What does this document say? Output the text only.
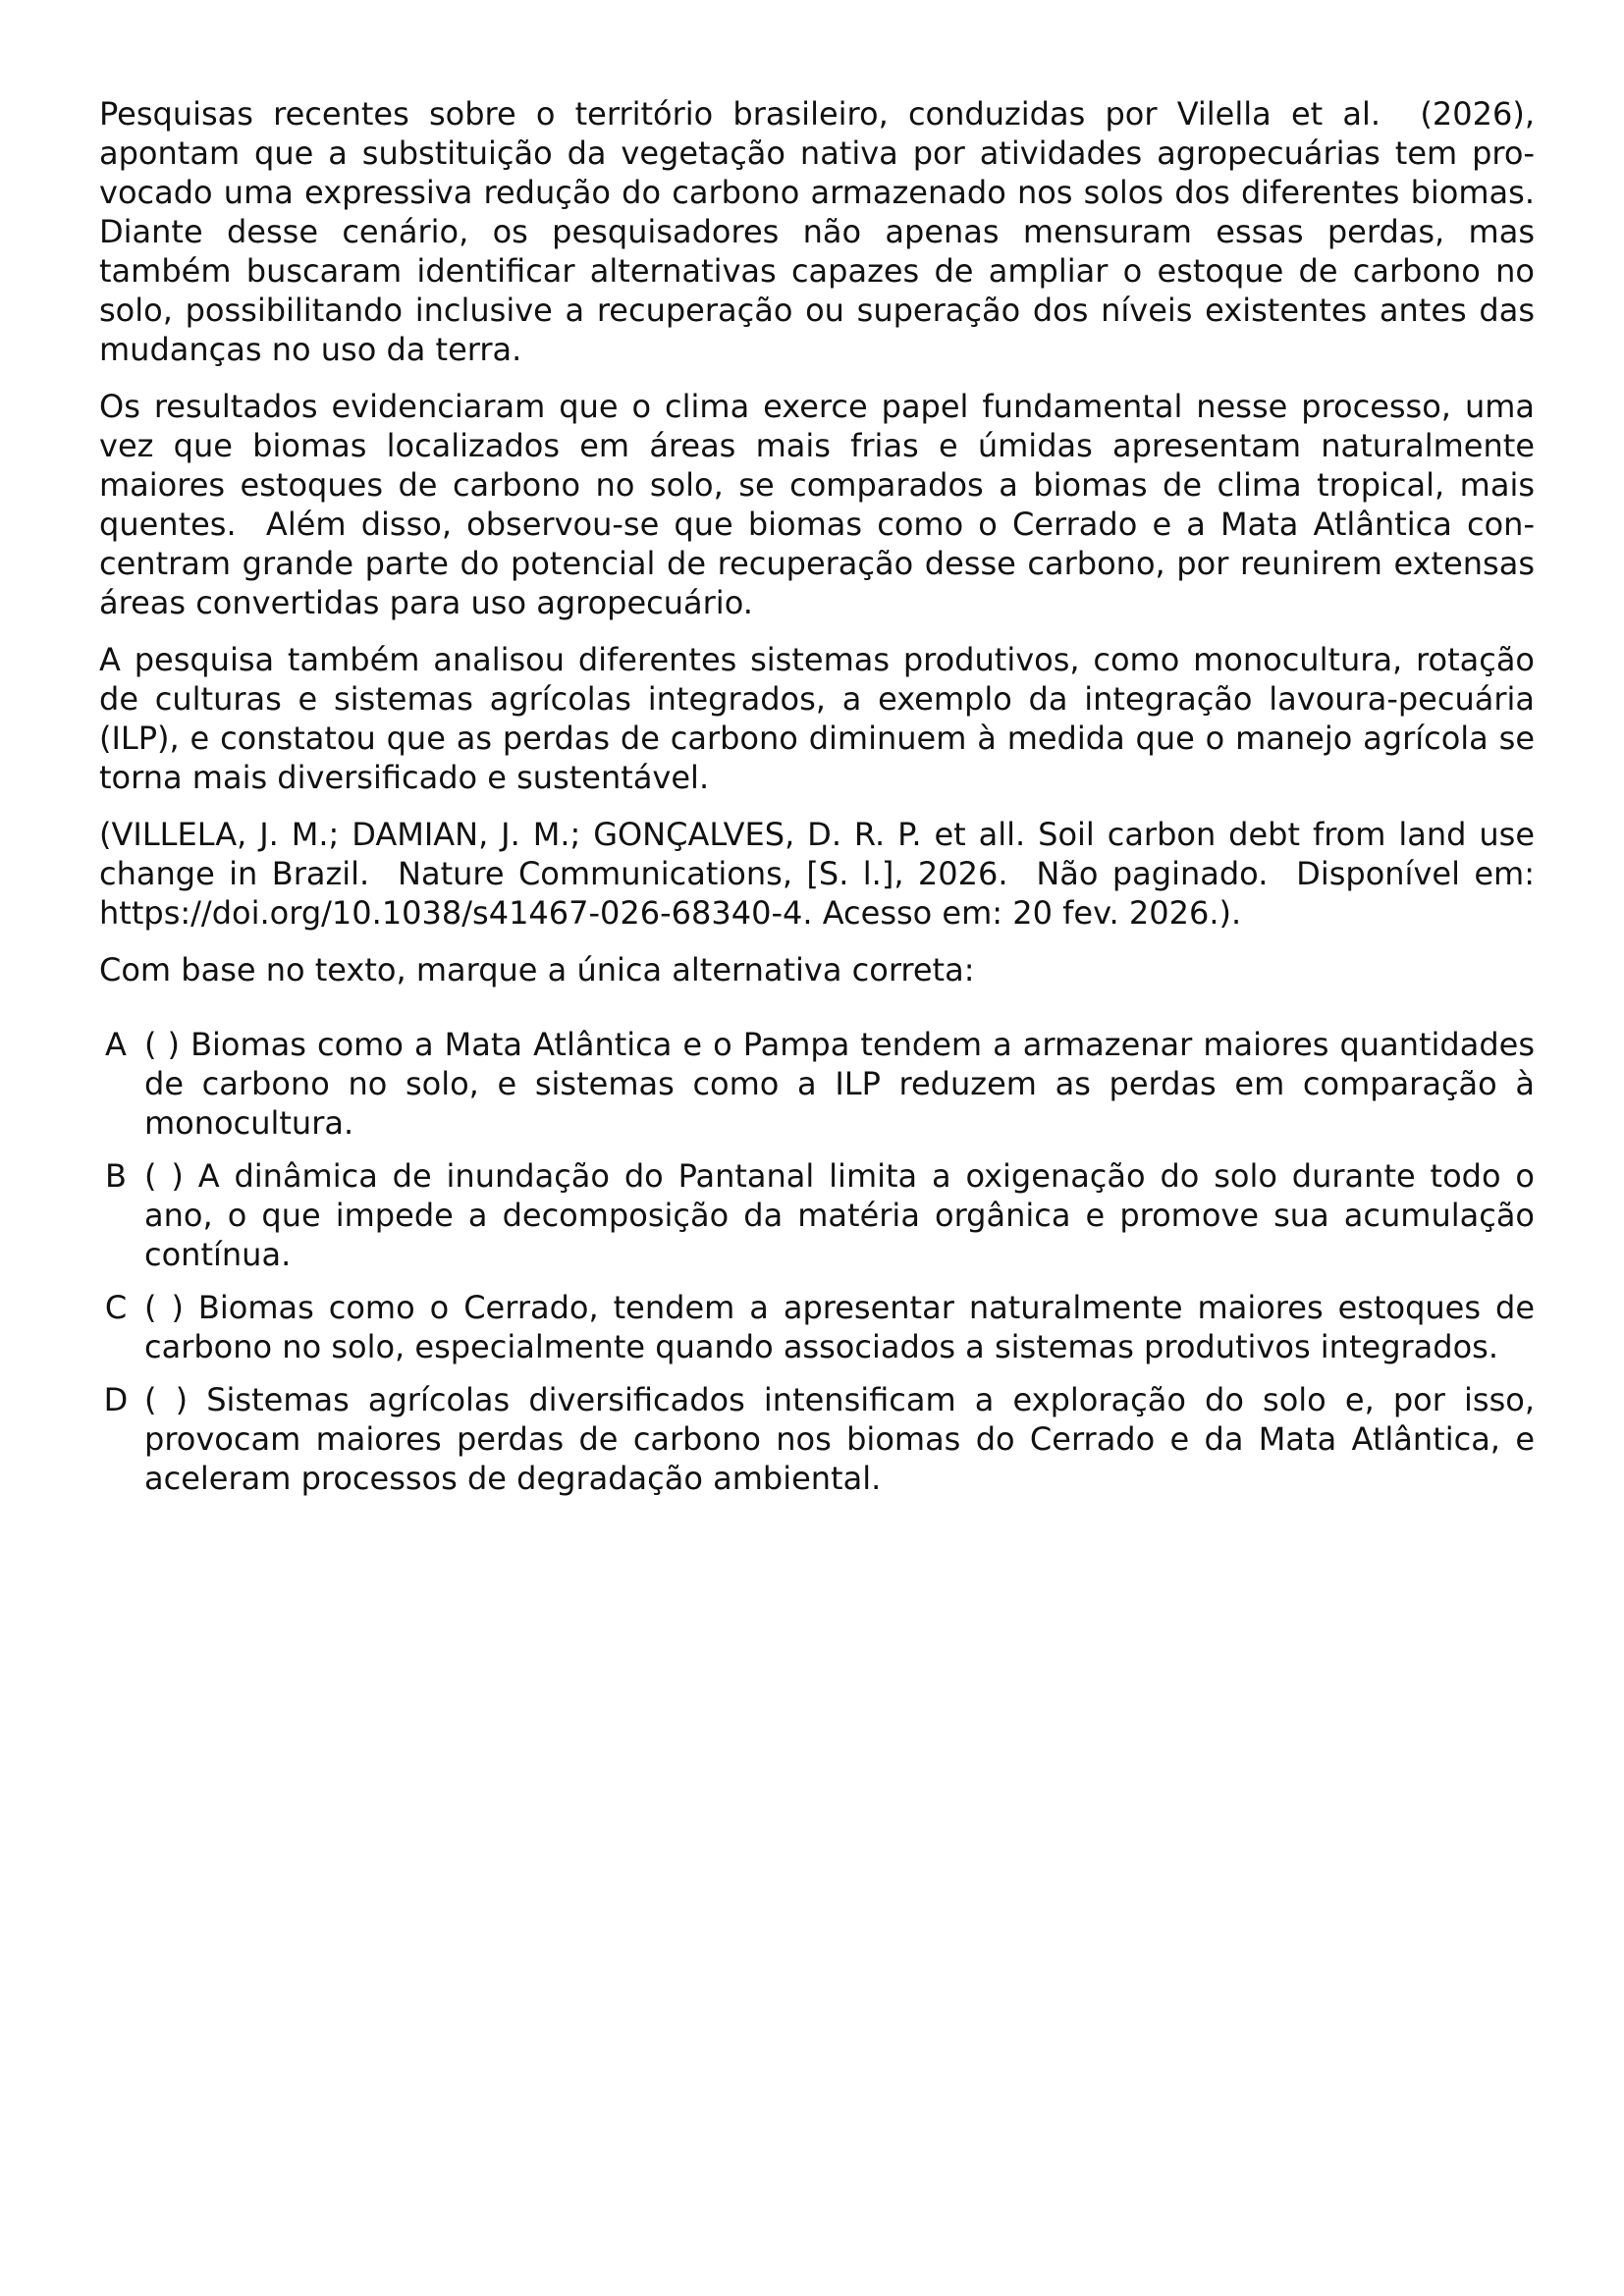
Pesquisas recentes sobre o território brasileiro, conduzidas por Vilella et al.  (2026), apontam que a substituição da vegetação nativa por atividades agropecuárias tem provocado uma expressiva redução do carbono armazenado nos solos dos diferentes biomas. Diante desse cenário, os pesquisadores não apenas mensuram essas perdas, mas também buscaram identificar alternativas capazes de ampliar o estoque de carbono no solo, possibilitando inclusive a recuperação ou superação dos níveis existentes antes das mudanças no uso da terra.

Os resultados evidenciaram que o clima exerce papel fundamental nesse processo, uma vez que biomas localizados em áreas mais frias e úmidas apresentam naturalmente maiores estoques de carbono no solo, se comparados a biomas de clima tropical, mais quentes.  Além disso, observou-se que biomas como o Cerrado e a Mata Atlântica concentram grande parte do potencial de recuperação desse carbono, por reunirem extensas áreas convertidas para uso agropecuário.

A pesquisa também analisou diferentes sistemas produtivos, como monocultura, rotação de culturas e sistemas agrícolas integrados, a exemplo da integração lavoura-pecuária (ILP), e constatou que as perdas de carbono diminuem à medida que o manejo agrícola se torna mais diversificado e sustentável.

(VILLELA, J. M.; DAMIAN, J. M.; GONÇALVES, D. R. P. et all. Soil carbon debt from land use change in Brazil.  Nature Communications, [S. l.], 2026.  Não paginado.  Disponível em: https://doi.org/10.1038/s41467-026-68340-4. Acesso em: 20 fev. 2026.).

Com base no texto, marque a única alternativa correta:

A ( ) Biomas como a Mata Atlântica e o Pampa tendem a armazenar maiores quantidades de carbono no solo, e sistemas como a ILP reduzem as perdas em comparação à monocultura.
B ( ) A dinâmica de inundação do Pantanal limita a oxigenação do solo durante todo o ano, o que impede a decomposição da matéria orgânica e promove sua acumulação contínua.
C ( ) Biomas como o Cerrado, tendem a apresentar naturalmente maiores estoques de carbono no solo, especialmente quando associados a sistemas produtivos integrados.
D ( ) Sistemas agrícolas diversificados intensificam a exploração do solo e, por isso, provocam maiores perdas de carbono nos biomas do Cerrado e da Mata Atlântica, e aceleram processos de degradação ambiental.
